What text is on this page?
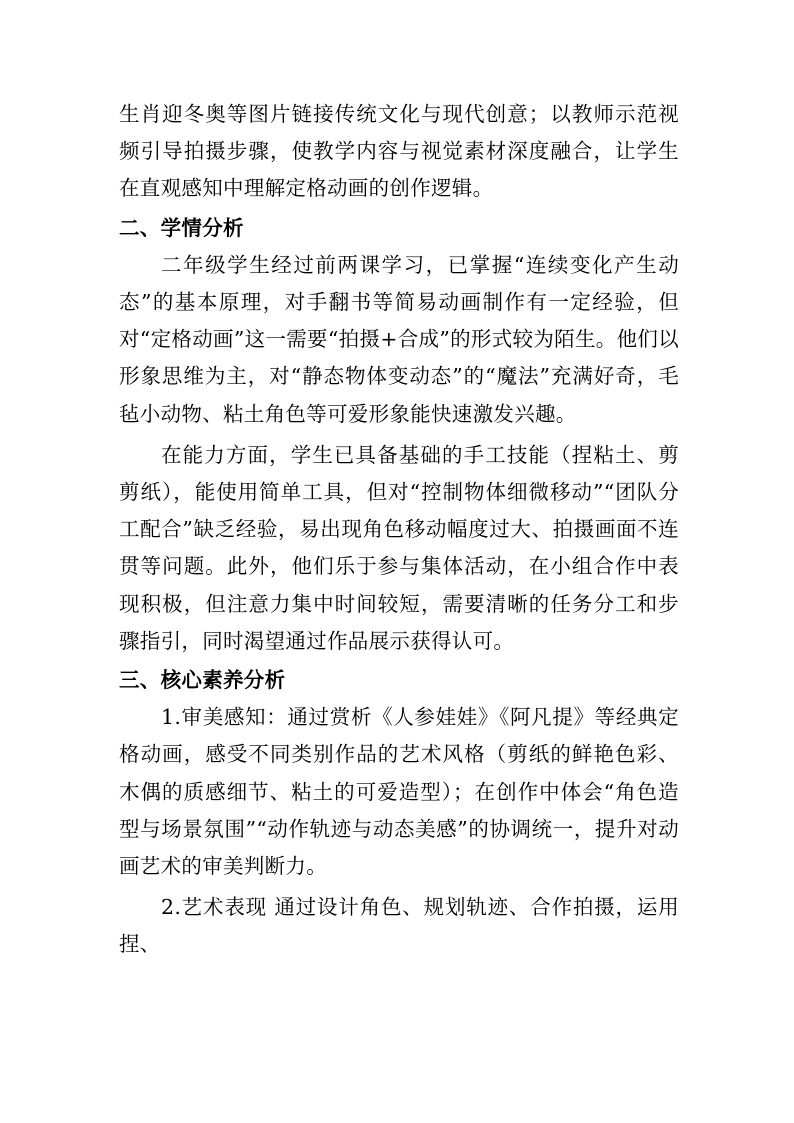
生肖迎冬奥等图片链接传统文化与现代创意；以教师示范视频引导拍摄步骤，使教学内容与视觉素材深度融合，让学生在直观感知中理解定格动画的创作逻辑。

二、学情分析

二年级学生经过前两课学习，已掌握“连续变化产生动态”的基本原理，对手翻书等简易动画制作有一定经验，但对“定格动画”这一需要“拍摄+合成”的形式较为陌生。他们以形象思维为主，对“静态物体变动态”的“魔法”充满好奇，毛毡小动物、粘土角色等可爱形象能快速激发兴趣。

在能力方面，学生已具备基础的手工技能（捏粘土、剪剪纸），能使用简单工具，但对“控制物体细微移动”“团队分工配合”缺乏经验，易出现角色移动幅度过大、拍摄画面不连贯等问题。此外，他们乐于参与集体活动，在小组合作中表现积极，但注意力集中时间较短，需要清晰的任务分工和步骤指引，同时渴望通过作品展示获得认可。

三、核心素养分析

1.审美感知：通过赏析《人参娃娃》《阿凡提》等经典定格动画，感受不同类别作品的艺术风格（剪纸的鲜艳色彩、木偶的质感细节、粘土的可爱造型）；在创作中体会“角色造型与场景氛围”“动作轨迹与动态美感”的协调统一，提升对动画艺术的审美判断力。

2.艺术表现 通过设计角色、规划轨迹、合作拍摄，运用捏、
